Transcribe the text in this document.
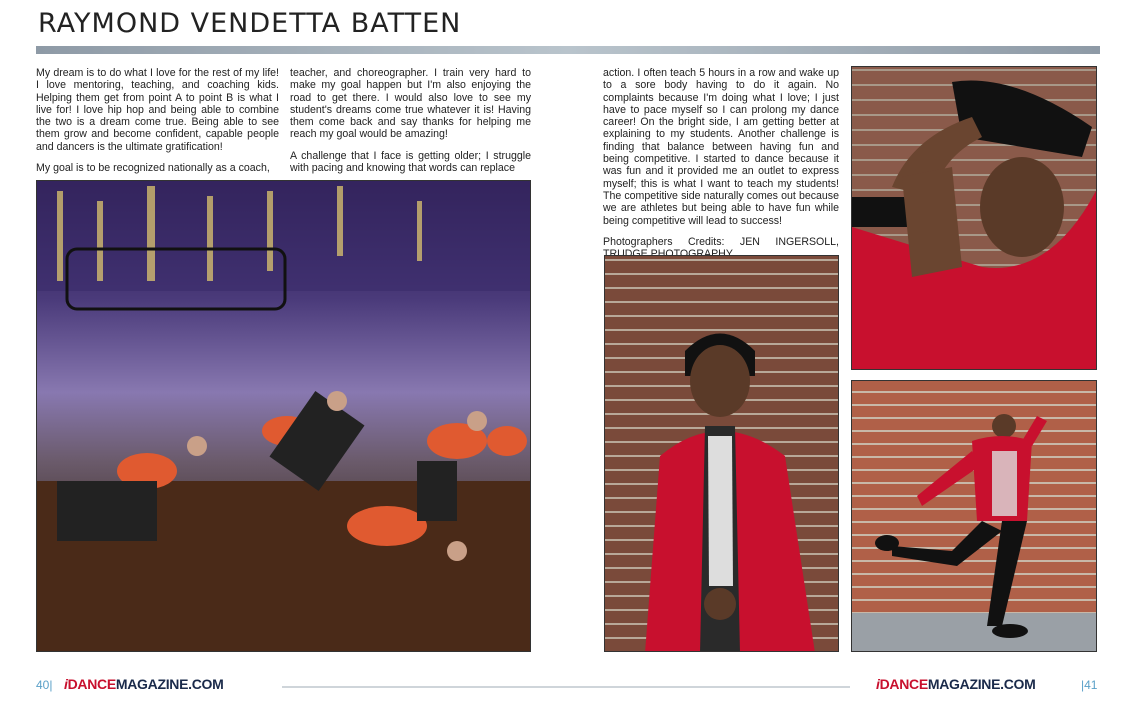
RAYMOND VENDETTA BATTEN

My dream is to do what I love for the rest of my life! I love mentoring, teaching, and coaching kids. Helping them get from point A to point B is what I live for! I love hip hop and being able to combine the two is a dream come true. Being able to see them grow and become confident, capable people and dancers is the ultimate gratification!

My goal is to be recognized nationally as a coach,

teacher, and choreographer. I train very hard to make my goal happen but I'm also enjoying the road to get there. I would also love to see my student's dreams come true whatever it is! Having them come back and say thanks for helping me reach my goal would be amazing!

A challenge that I face is getting older; I struggle with pacing and knowing that words can replace

action. I often teach 5 hours in a row and wake up to a sore body having to do it again. No complaints because I'm doing what I love; I just have to pace myself so I can prolong my dance career! On the bright side, I am getting better at explaining to my students. Another challenge is finding that balance between having fun and being competitive. I started to dance because it was fun and it provided me an outlet to express myself; this is what I want to teach my students! The competitive side naturally comes out because we are athletes but being able to have fun while being competitive will lead to success!

Photographers Credits: JEN INGERSOLL,

40| iDANCEMAGAZINE.COM	iDANCEMAGAZINE.COM	|41
